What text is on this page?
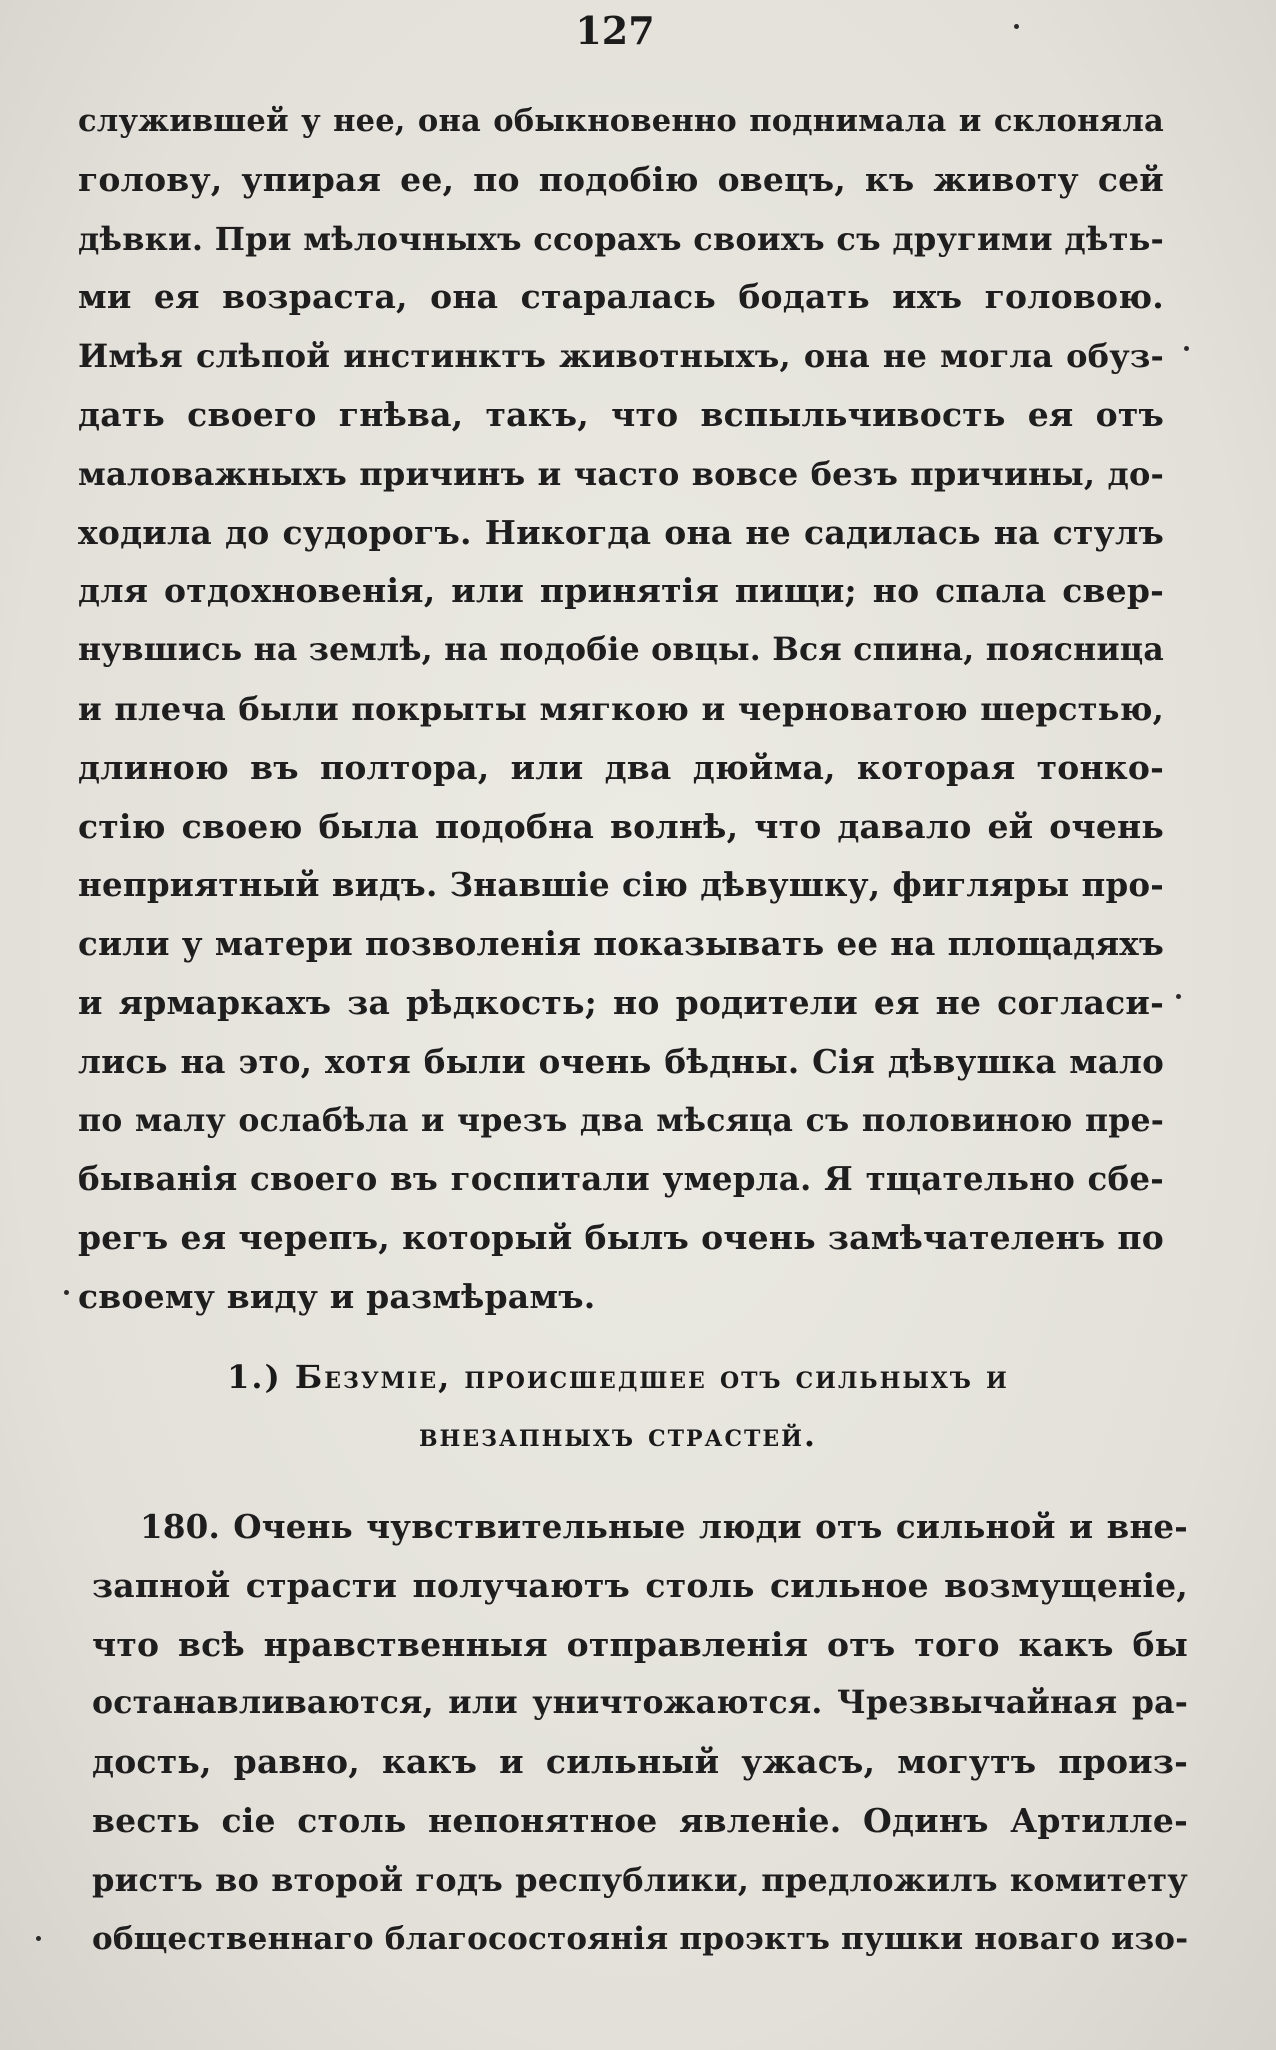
127
служившей у нее, она обыкновенно поднимала и склоняла
голову, упирая ее, по подобію овецъ, къ животу сей
дѣвки. При мѣлочныхъ ссорахъ своихъ съ другими дѣть-
ми ея возраста, она старалась бодать ихъ головою.
Имѣя слѣпой инстинктъ животныхъ, она не могла обуз-
дать своего гнѣва, такъ, что вспыльчивость ея отъ
маловажныхъ причинъ и часто вовсе безъ причины, до-
ходила до судорогъ. Никогда она не садилась на стулъ
для отдохновенія, или принятія пищи; но спала свер-
нувшись на землѣ, на подобіе овцы. Вся спина, поясница
и плеча были покрыты мягкою и черноватою шерстью,
длиною въ полтора, или два дюйма, которая тонко-
стію своею была подобна волнѣ, что давало ей очень
неприятный видъ. Знавшіе сію дѣвушку, фигляры про-
сили у матери позволенія показывать ее на площадяхъ
и ярмаркахъ за рѣдкость; но родители ея не согласи-
лись на это, хотя были очень бѣдны. Сія дѣвушка мало
по малу ослабѣла и чрезъ два мѣсяца съ половиною пре-
быванія своего въ госпитали умерла. Я тщательно сбе-
регъ ея черепъ, который былъ очень замѣчателенъ по
своему виду и размѣрамъ.
1.) Безуміе, происшедшее отъ сильныхъ и
внезапныхъ страстей.
180. Очень чувствительные люди отъ сильной и вне-
запной страсти получаютъ столь сильное возмущеніе,
что всѣ нравственныя отправленія отъ того какъ бы
останавливаются, или уничтожаются. Чрезвычайная ра-
дость, равно, какъ и сильный ужасъ, могутъ произ-
весть сіе столь непонятное явленіе. Одинъ Артилле-
ристъ во второй годъ республики, предложилъ комитету
общественнаго благосостоянія проэктъ пушки новаго изо-
